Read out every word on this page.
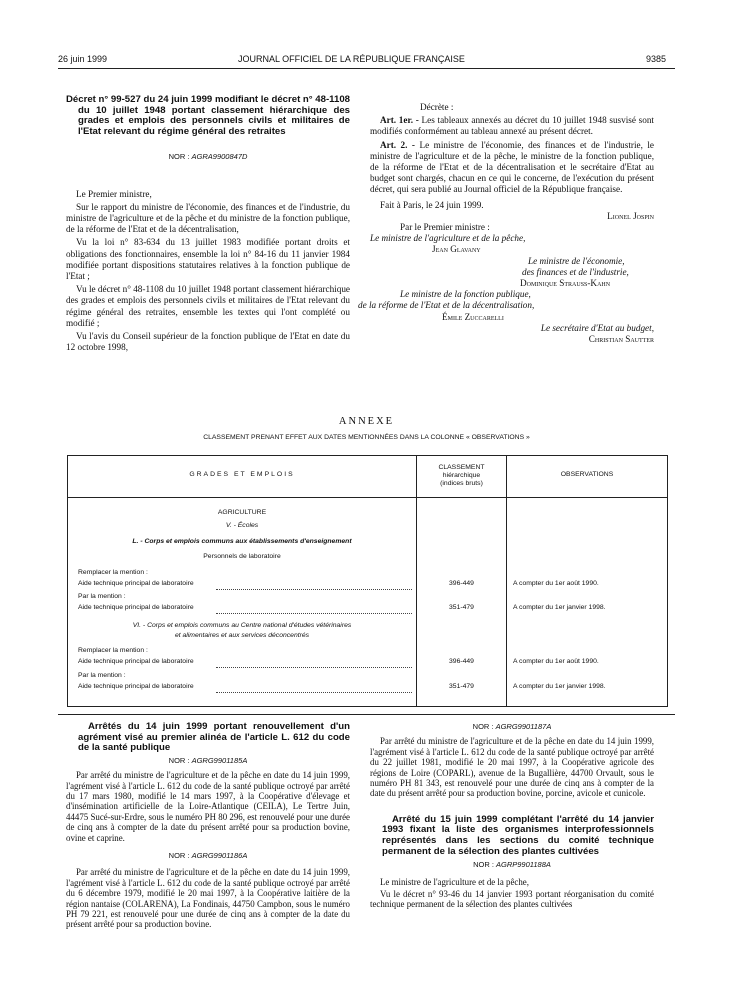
26 juin 1999	JOURNAL OFFICIEL DE LA RÉPUBLIQUE FRANÇAISE	9385

Décret n° 99-527 du 24 juin 1999 modifiant le décret n° 48-1108 du 10 juillet 1948 portant classement hiérarchique des grades et emplois des personnels civils et militaires de l'Etat relevant du régime général des retraites

NOR : AGRA9900847D

Le Premier ministre,

Sur le rapport du ministre de l'économie, des finances et de l'industrie, du ministre de l'agriculture et de la pêche et du ministre de la fonction publique, de la réforme de l'Etat et de la décentralisation,

Vu la loi n° 83-634 du 13 juillet 1983 modifiée portant droits et obligations des fonctionnaires, ensemble la loi n° 84-16 du 11 janvier 1984 modifiée portant dispositions statutaires relatives à la fonction publique de l'Etat ;

Vu le décret n° 48-1108 du 10 juillet 1948 portant classement hiérarchique des grades et emplois des personnels civils et militaires de l'Etat relevant du régime général des retraites, ensemble les textes qui l'ont complété ou modifié ;

Vu l'avis du Conseil supérieur de la fonction publique de l'Etat en date du 12 octobre 1998,

Décrète :

Art. 1er. - Les tableaux annexés au décret du 10 juillet 1948 susvisé sont modifiés conformément au tableau annexé au présent décret.

Art. 2. - Le ministre de l'économie, des finances et de l'industrie, le ministre de l'agriculture et de la pêche, le ministre de la fonction publique, de la réforme de l'Etat et de la décentralisation et le secrétaire d'Etat au budget sont chargés, chacun en ce qui le concerne, de l'exécution du présent décret, qui sera publié au Journal officiel de la République française.

Fait à Paris, le 24 juin 1999.

Lionel Jospin
Par le Premier ministre :
Le ministre de l'agriculture et de la pêche,
Jean Glavany
Le ministre de l'économie,
des finances et de l'industrie,
Dominique Strauss-Kahn
Le ministre de la fonction publique,
de la réforme de l'Etat et de la décentralisation,
Émile Zuccarelli
Le secrétaire d'Etat au budget,
Christian Sautter
ANNEXE
CLASSEMENT PRENANT EFFET AUX DATES MENTIONNÉES DANS LA COLONNE « OBSERVATIONS »
GRADES ET EMPLOIS
CLASSEMENT
hiérarchique
(indices bruts)
OBSERVATIONS
AGRICULTURE
V. - Écoles
L. - Corps et emplois communs aux établissements d'enseignement
Personnels de laboratoire
Remplacer la mention :
Aide technique principal de laboratoire	396-449	A compter du 1er août 1990.
Par la mention :
Aide technique principal de laboratoire	351-479	A compter du 1er janvier 1998.
VI. - Corps et emplois communs au Centre national d'études vétérinaires
et alimentaires et aux services déconcentrés
Remplacer la mention :
Aide technique principal de laboratoire	396-449	A compter du 1er août 1990.
Par la mention :
Aide technique principal de laboratoire	351-479	A compter du 1er janvier 1998.

Arrêtés du 14 juin 1999 portant renouvellement d'un agrément visé au premier alinéa de l'article L. 612 du code de la santé publique

NOR : AGRG9901185A

Par arrêté du ministre de l'agriculture et de la pêche en date du 14 juin 1999, l'agrément visé à l'article L. 612 du code de la santé publique octroyé par arrêté du 17 mars 1980, modifié le 14 mars 1997, à la Coopérative d'élevage et d'insémination artificielle de la Loire-Atlantique (CEILA), Le Tertre Juin, 44475 Sucé-sur-Erdre, sous le numéro PH 80 296, est renouvelé pour une durée de cinq ans à compter de la date du présent arrêté pour sa production bovine, ovine et caprine.

NOR : AGRG9901186A

Par arrêté du ministre de l'agriculture et de la pêche en date du 14 juin 1999, l'agrément visé à l'article L. 612 du code de la santé publique octroyé par arrêté du 6 décembre 1979, modifié le 20 mai 1997, à la Coopérative laitière de la région nantaise (COLARENA), La Fondinais, 44750 Campbon, sous le numéro PH 79 221, est renouvelé pour une durée de cinq ans à compter de la date du présent arrêté pour sa production bovine.

NOR : AGRG9901187A

Par arrêté du ministre de l'agriculture et de la pêche en date du 14 juin 1999, l'agrément visé à l'article L. 612 du code de la santé publique octroyé par arrêté du 22 juillet 1981, modifié le 20 mai 1997, à la Coopérative agricole des régions de Loire (COPARL), avenue de la Bugallière, 44700 Orvault, sous le numéro PH 81 343, est renouvelé pour une durée de cinq ans à compter de la date du présent arrêté pour sa production bovine, porcine, avicole et cunicole.

Arrêté du 15 juin 1999 complétant l'arrêté du 14 janvier 1993 fixant la liste des organismes interprofessionnels représentés dans les sections du comité technique permanent de la sélection des plantes cultivées

NOR : AGRP9901188A

Le ministre de l'agriculture et de la pêche,

Vu le décret n° 93-46 du 14 janvier 1993 portant réorganisation du comité technique permanent de la sélection des plantes cultivées
